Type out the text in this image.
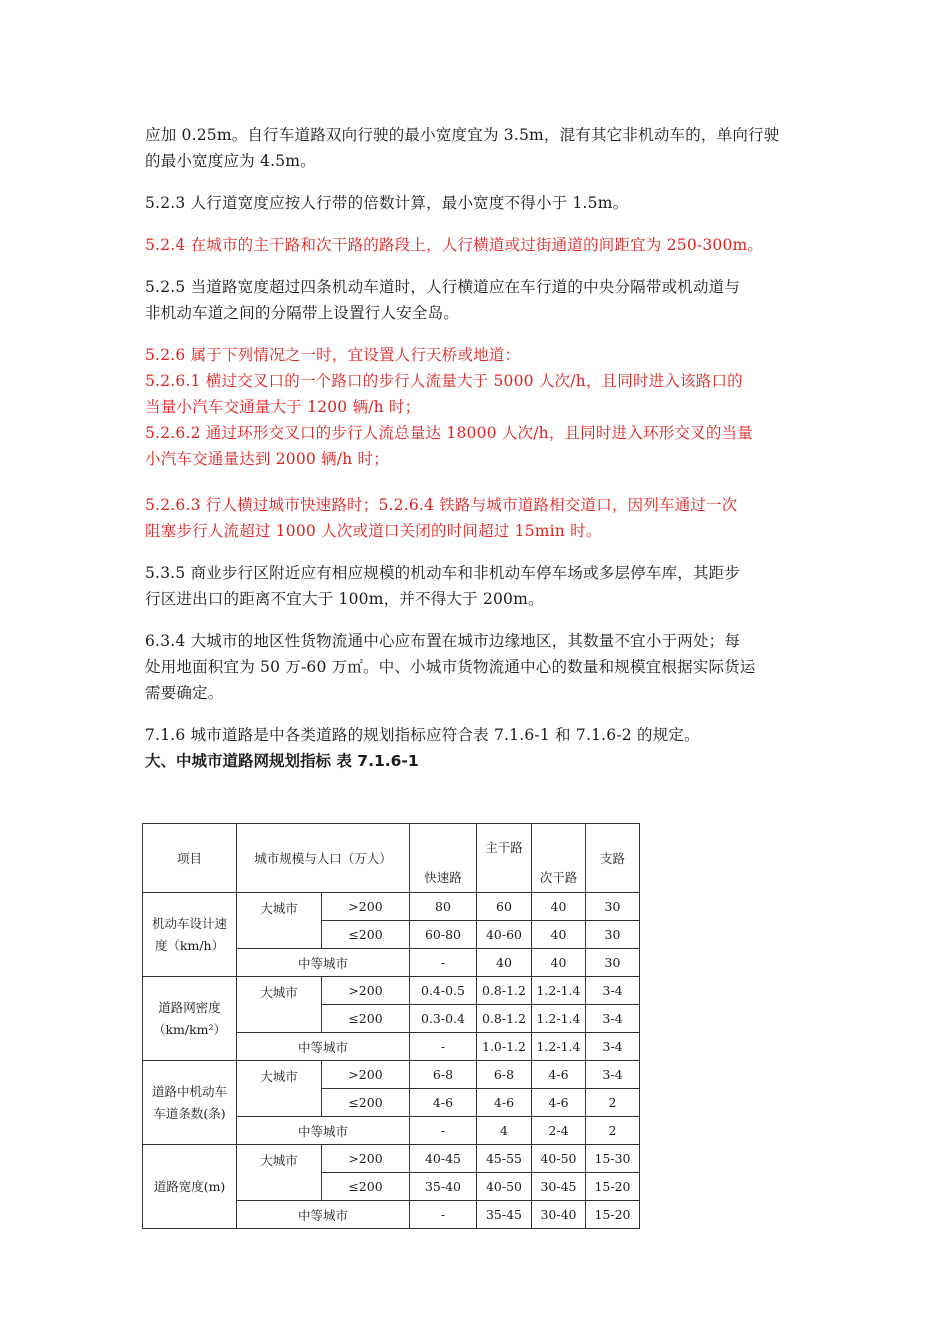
应加 0.25m。自行车道路双向行驶的最小宽度宜为 3.5m，混有其它非机动车的，单向行驶
的最小宽度应为 4.5m。

5.2.3 人行道宽度应按人行带的倍数计算，最小宽度不得小于 1.5m。

5.2.4 在城市的主干路和次干路的路段上，人行横道或过街通道的间距宜为 250-300m。

5.2.5 当道路宽度超过四条机动车道时，人行横道应在车行道的中央分隔带或机动道与
非机动车道之间的分隔带上设置行人安全岛。

5.2.6 属于下列情况之一时，宜设置人行天桥或地道：
5.2.6.1 横过交叉口的一个路口的步行人流量大于 5000 人次/h，且同时进入该路口的
当量小汽车交通量大于 1200 辆/h 时；
5.2.6.2 通过环形交叉口的步行人流总量达 18000 人次/h，且同时进入环形交叉的当量
小汽车交通量达到 2000 辆/h 时；

5.2.6.3 行人横过城市快速路时；5.2.6.4 铁路与城市道路相交道口，因列车通过一次
阻塞步行人流超过 1000 人次或道口关闭的时间超过 15min 时。

5.3.5 商业步行区附近应有相应规模的机动车和非机动车停车场或多层停车库，其距步
行区进出口的距离不宜大于 100m，并不得大于 200m。

6.3.4 大城市的地区性货物流通中心应布置在城市边缘地区，其数量不宜小于两处；每
处用地面积宜为 50 万-60 万㎡。中、小城市货物流通中心的数量和规模宜根据实际货运
需要确定。

7.1.6 城市道路是中各类道路的规划指标应符合表 7.1.6-1 和 7.1.6-2 的规定。

大、中城市道路网规划指标 表 7.1.6-1

项目	城市规模与人口（万人）		快速路	主干路	次干路	支路

机动车设计速
度（km/h）	大城市	>200	80	60	40	30
		≤200	60-80	40-60	40	30
	中等城市		-	40	40	30

道路网密度
（km/km²）	大城市	>200	0.4-0.5	0.8-1.2	1.2-1.4	3-4
		≤200	0.3-0.4	0.8-1.2	1.2-1.4	3-4
	中等城市		-	1.0-1.2	1.2-1.4	3-4

道路中机动车
车道条数(条)	大城市	>200	6-8	6-8	4-6	3-4
		≤200	4-6	4-6	4-6	2
	中等城市		-	4	2-4	2

道路宽度(m)	大城市	>200	40-45	45-55	40-50	15-30
		≤200	35-40	40-50	30-45	15-20
	中等城市		-	35-45	30-40	15-20
